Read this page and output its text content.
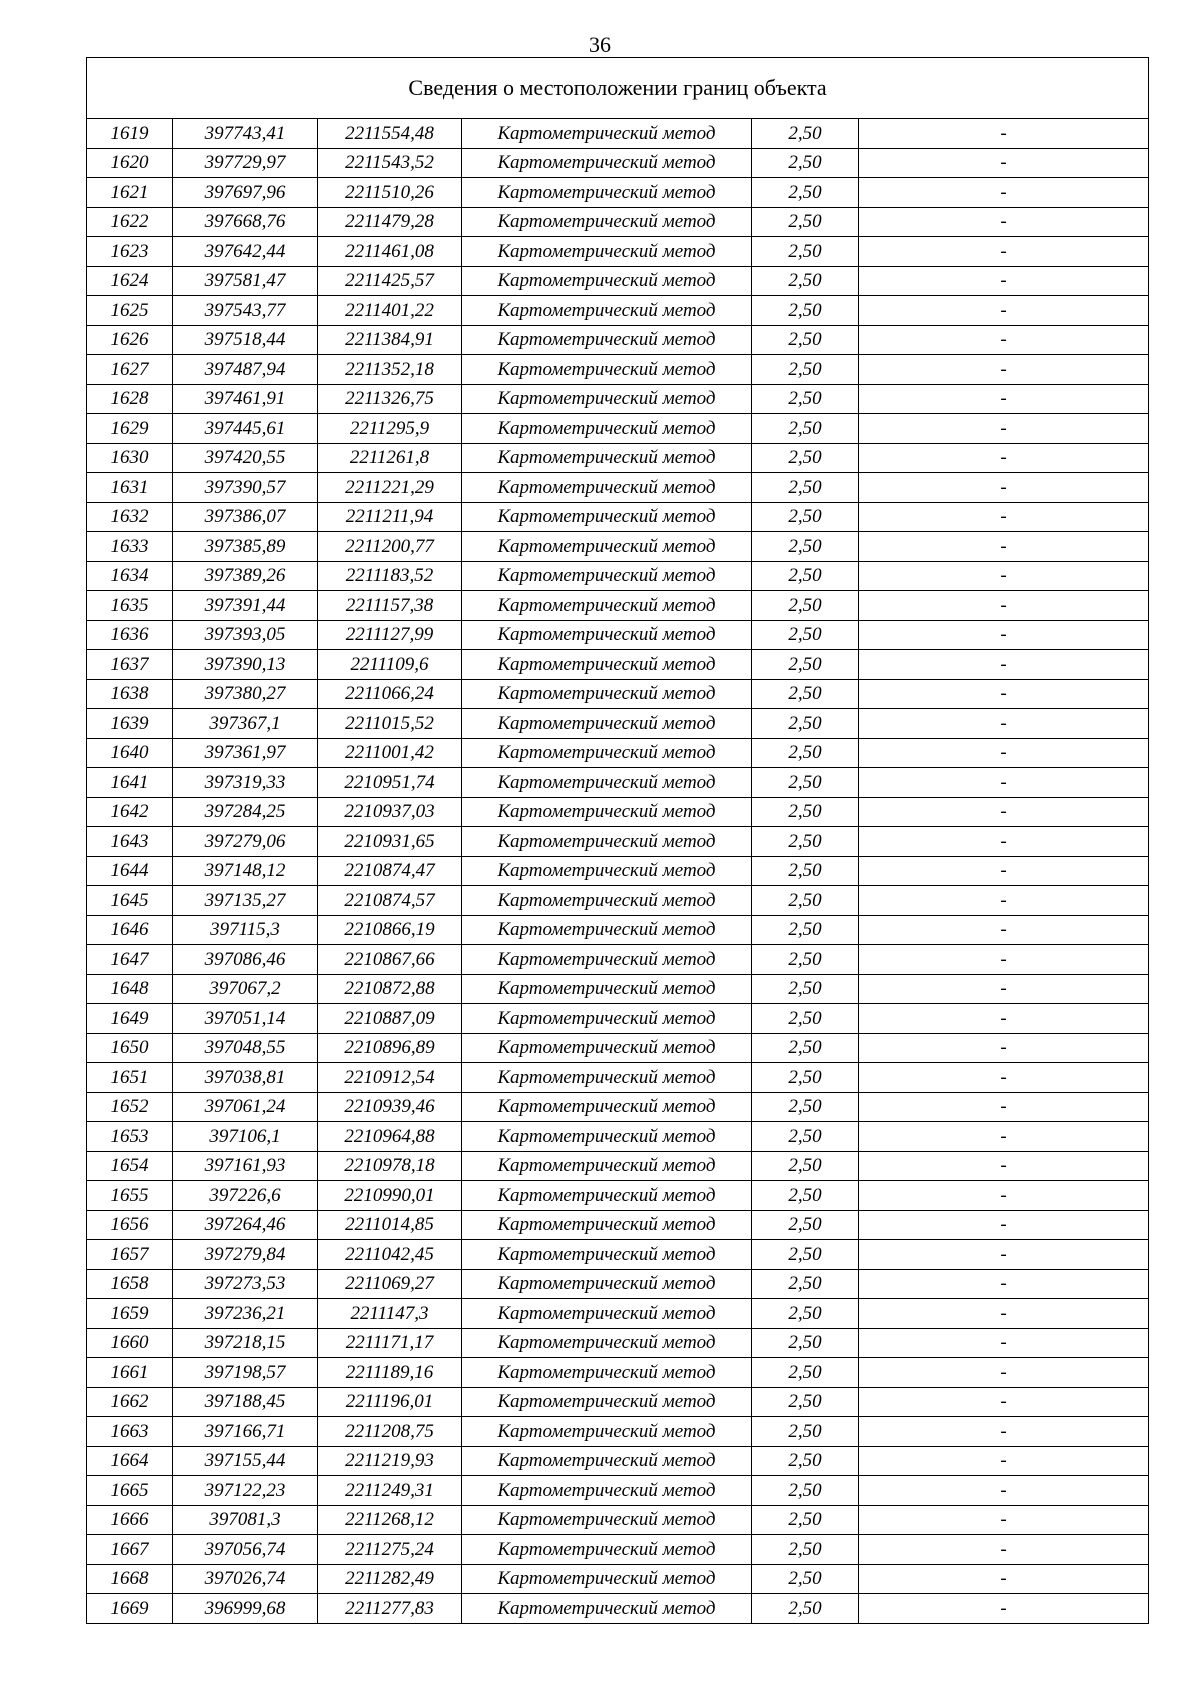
36
Сведения о местоположении границ объекта					
1619	397743,41	2211554,48	Картометрический метод	2,50	-
1620	397729,97	2211543,52	Картометрический метод	2,50	-
1621	397697,96	2211510,26	Картометрический метод	2,50	-
1622	397668,76	2211479,28	Картометрический метод	2,50	-
1623	397642,44	2211461,08	Картометрический метод	2,50	-
1624	397581,47	2211425,57	Картометрический метод	2,50	-
1625	397543,77	2211401,22	Картометрический метод	2,50	-
1626	397518,44	2211384,91	Картометрический метод	2,50	-
1627	397487,94	2211352,18	Картометрический метод	2,50	-
1628	397461,91	2211326,75	Картометрический метод	2,50	-
1629	397445,61	2211295,9	Картометрический метод	2,50	-
1630	397420,55	2211261,8	Картометрический метод	2,50	-
1631	397390,57	2211221,29	Картометрический метод	2,50	-
1632	397386,07	2211211,94	Картометрический метод	2,50	-
1633	397385,89	2211200,77	Картометрический метод	2,50	-
1634	397389,26	2211183,52	Картометрический метод	2,50	-
1635	397391,44	2211157,38	Картометрический метод	2,50	-
1636	397393,05	2211127,99	Картометрический метод	2,50	-
1637	397390,13	2211109,6	Картометрический метод	2,50	-
1638	397380,27	2211066,24	Картометрический метод	2,50	-
1639	397367,1	2211015,52	Картометрический метод	2,50	-
1640	397361,97	2211001,42	Картометрический метод	2,50	-
1641	397319,33	2210951,74	Картометрический метод	2,50	-
1642	397284,25	2210937,03	Картометрический метод	2,50	-
1643	397279,06	2210931,65	Картометрический метод	2,50	-
1644	397148,12	2210874,47	Картометрический метод	2,50	-
1645	397135,27	2210874,57	Картометрический метод	2,50	-
1646	397115,3	2210866,19	Картометрический метод	2,50	-
1647	397086,46	2210867,66	Картометрический метод	2,50	-
1648	397067,2	2210872,88	Картометрический метод	2,50	-
1649	397051,14	2210887,09	Картометрический метод	2,50	-
1650	397048,55	2210896,89	Картометрический метод	2,50	-
1651	397038,81	2210912,54	Картометрический метод	2,50	-
1652	397061,24	2210939,46	Картометрический метод	2,50	-
1653	397106,1	2210964,88	Картометрический метод	2,50	-
1654	397161,93	2210978,18	Картометрический метод	2,50	-
1655	397226,6	2210990,01	Картометрический метод	2,50	-
1656	397264,46	2211014,85	Картометрический метод	2,50	-
1657	397279,84	2211042,45	Картометрический метод	2,50	-
1658	397273,53	2211069,27	Картометрический метод	2,50	-
1659	397236,21	2211147,3	Картометрический метод	2,50	-
1660	397218,15	2211171,17	Картометрический метод	2,50	-
1661	397198,57	2211189,16	Картометрический метод	2,50	-
1662	397188,45	2211196,01	Картометрический метод	2,50	-
1663	397166,71	2211208,75	Картометрический метод	2,50	-
1664	397155,44	2211219,93	Картометрический метод	2,50	-
1665	397122,23	2211249,31	Картометрический метод	2,50	-
1666	397081,3	2211268,12	Картометрический метод	2,50	-
1667	397056,74	2211275,24	Картометрический метод	2,50	-
1668	397026,74	2211282,49	Картометрический метод	2,50	-
1669	396999,68	2211277,83	Картометрический метод	2,50	-
